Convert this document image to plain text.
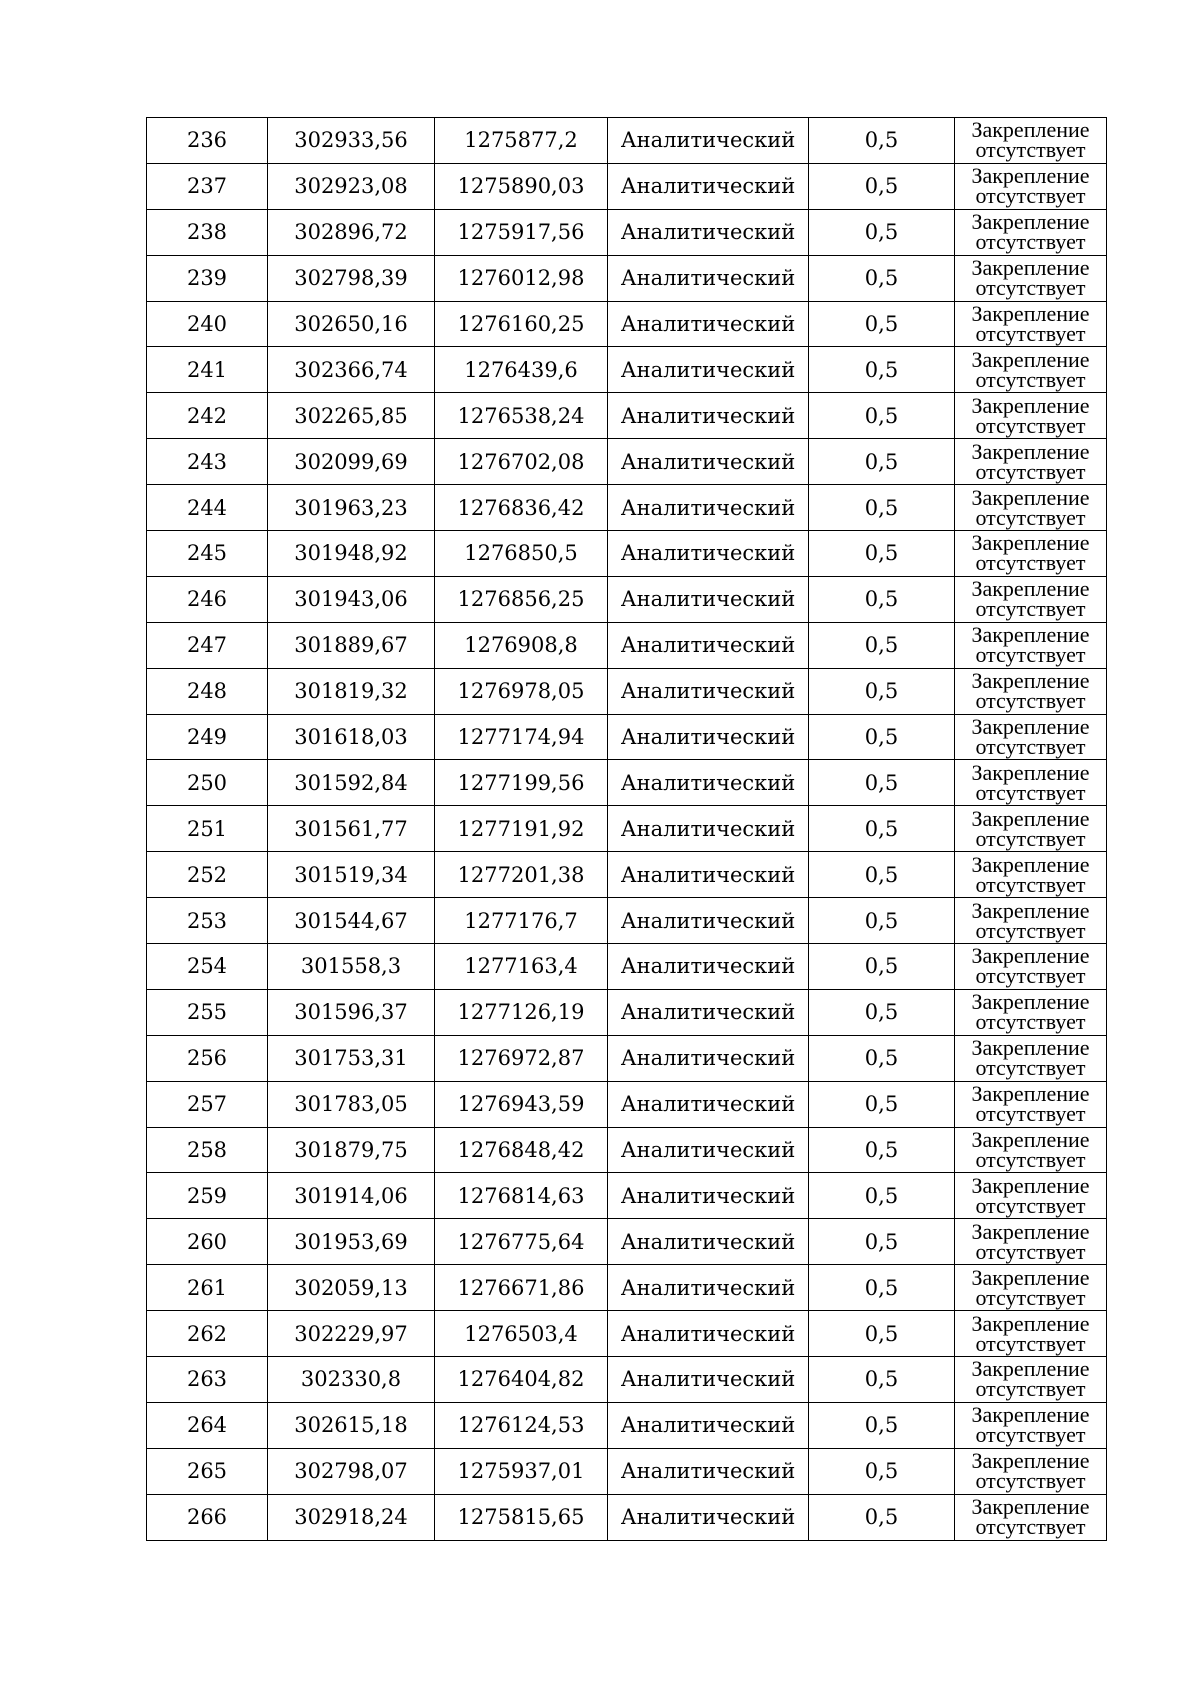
236	302933,56	1275877,2	Аналитический	0,5	Закрепление
отсутствует

237	302923,08	1275890,03	Аналитический	0,5	Закрепление
отсутствует

238	302896,72	1275917,56	Аналитический	0,5	Закрепление
отсутствует

239	302798,39	1276012,98	Аналитический	0,5	Закрепление
отсутствует

240	302650,16	1276160,25	Аналитический	0,5	Закрепление
отсутствует

241	302366,74	1276439,6	Аналитический	0,5	Закрепление
отсутствует

242	302265,85	1276538,24	Аналитический	0,5	Закрепление
отсутствует

243	302099,69	1276702,08	Аналитический	0,5	Закрепление
отсутствует

244	301963,23	1276836,42	Аналитический	0,5	Закрепление
отсутствует

245	301948,92	1276850,5	Аналитический	0,5	Закрепление
отсутствует

246	301943,06	1276856,25	Аналитический	0,5	Закрепление
отсутствует

247	301889,67	1276908,8	Аналитический	0,5	Закрепление
отсутствует

248	301819,32	1276978,05	Аналитический	0,5	Закрепление
отсутствует

249	301618,03	1277174,94	Аналитический	0,5	Закрепление
отсутствует

250	301592,84	1277199,56	Аналитический	0,5	Закрепление
отсутствует

251	301561,77	1277191,92	Аналитический	0,5	Закрепление
отсутствует

252	301519,34	1277201,38	Аналитический	0,5	Закрепление
отсутствует

253	301544,67	1277176,7	Аналитический	0,5	Закрепление
отсутствует

254	301558,3	1277163,4	Аналитический	0,5	Закрепление
отсутствует

255	301596,37	1277126,19	Аналитический	0,5	Закрепление
отсутствует

256	301753,31	1276972,87	Аналитический	0,5	Закрепление
отсутствует

257	301783,05	1276943,59	Аналитический	0,5	Закрепление
отсутствует

258	301879,75	1276848,42	Аналитический	0,5	Закрепление
отсутствует

259	301914,06	1276814,63	Аналитический	0,5	Закрепление
отсутствует

260	301953,69	1276775,64	Аналитический	0,5	Закрепление
отсутствует

261	302059,13	1276671,86	Аналитический	0,5	Закрепление
отсутствует

262	302229,97	1276503,4	Аналитический	0,5	Закрепление
отсутствует

263	302330,8	1276404,82	Аналитический	0,5	Закрепление
отсутствует

264	302615,18	1276124,53	Аналитический	0,5	Закрепление
отсутствует

265	302798,07	1275937,01	Аналитический	0,5	Закрепление
отсутствует

266	302918,24	1275815,65	Аналитический	0,5	Закрепление
отсутствует
